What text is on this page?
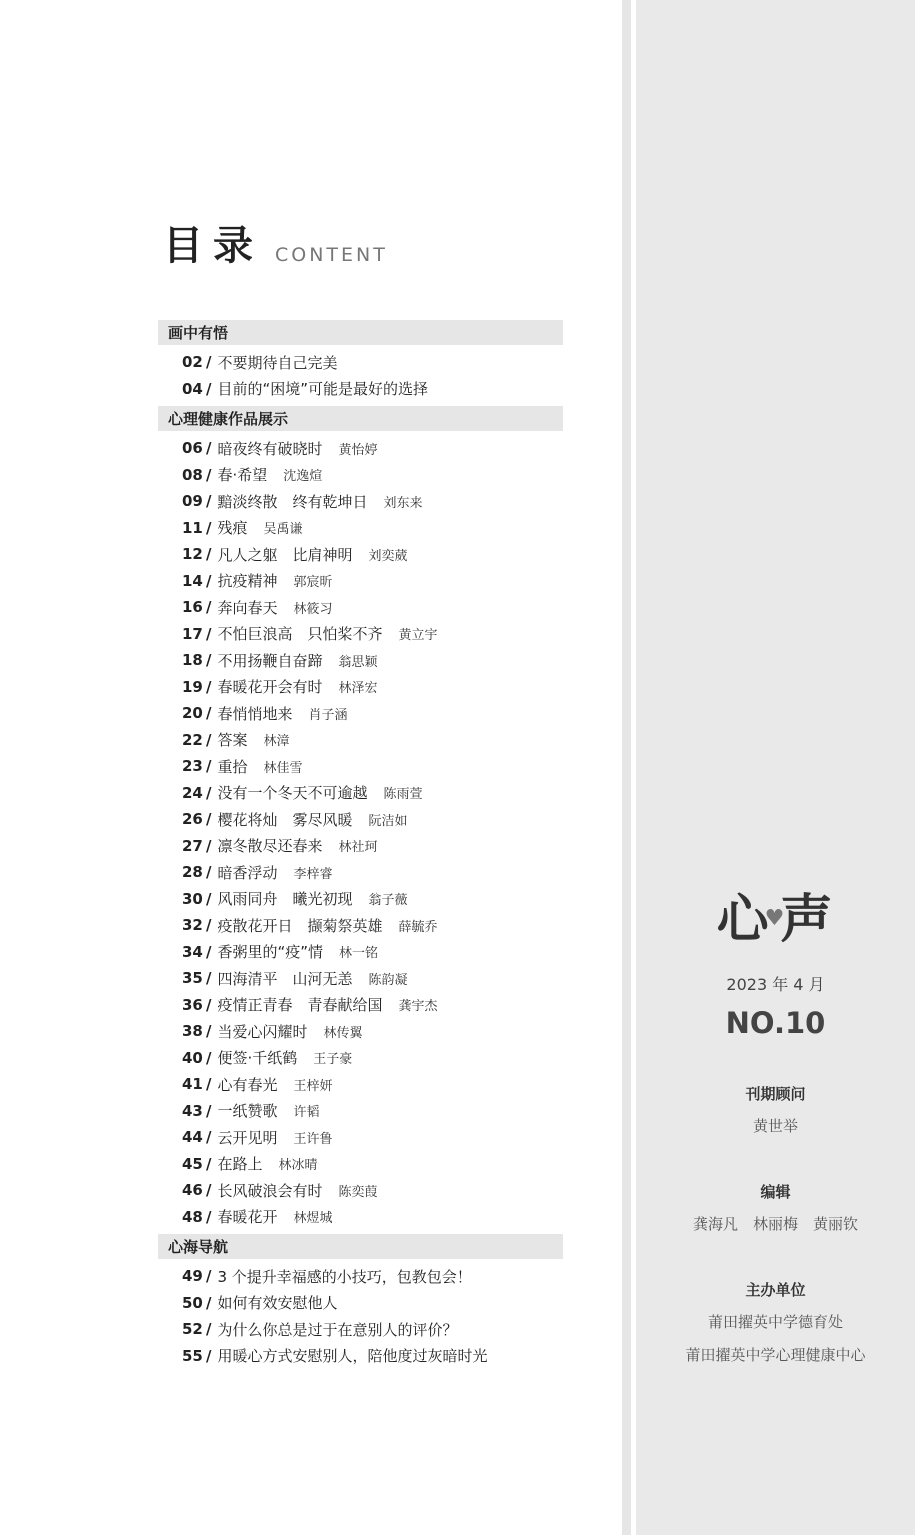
目录 CONTENT
画中有悟
02 / 不要期待自己完美
04 / 目前的“困境”可能是最好的选择
心理健康作品展示
06 / 暗夜终有破晓时 黄怡婷
08 / 春·希望 沈逸煊
09 / 黯淡终散　终有乾坤日 刘东来
11 / 残痕 吴禹谦
12 / 凡人之躯　比肩神明 刘奕葳
14 / 抗疫精神 郭宸昕
16 / 奔向春天 林筱习
17 / 不怕巨浪高　只怕桨不齐 黄立宇
18 / 不用扬鞭自奋蹄 翁思颖
19 / 春暖花开会有时 林泽宏
20 / 春悄悄地来 肖子涵
22 / 答案 林漳
23 / 重拾 林佳雪
24 / 没有一个冬天不可逾越 陈雨萱
26 / 樱花将灿　雾尽风暖 阮洁如
27 / 凛冬散尽还春来 林社珂
28 / 暗香浮动 李梓睿
30 / 风雨同舟　曦光初现 翁子薇
32 / 疫散花开日　撷菊祭英雄 薛毓乔
34 / 香粥里的“疫”情 林一铭
35 / 四海清平　山河无恙 陈韵凝
36 / 疫情正青春　青春献给国 龚宇杰
38 / 当爱心闪耀时 林传翼
40 / 便签·千纸鹤 王子豪
41 / 心有春光 王梓妍
43 / 一纸赞歌 许韬
44 / 云开见明 王许鲁
45 / 在路上 林冰晴
46 / 长风破浪会有时 陈奕葭
48 / 春暖花开 林煜城
心海导航
49 / 3 个提升幸福感的小技巧，包教包会！
50 / 如何有效安慰他人
52 / 为什么你总是过于在意别人的评价？
55 / 用暖心方式安慰别人，陪他度过灰暗时光
心♥声
2023 年 4 月
NO.10
刊期顾问
黄世举
编辑
龚海凡　林丽梅　黄丽钦
主办单位
莆田擢英中学德育处
莆田擢英中学心理健康中心
